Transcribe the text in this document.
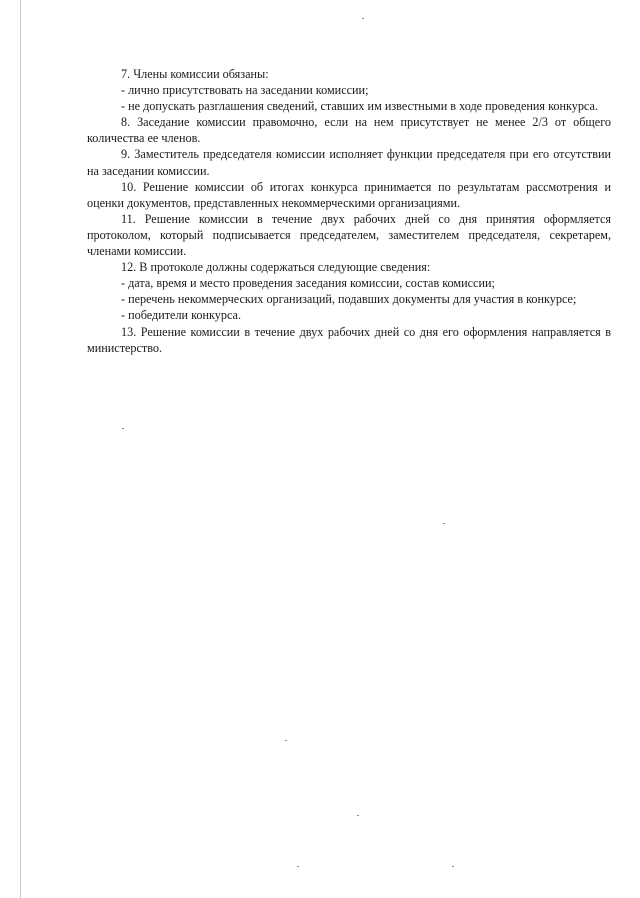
7. Члены комиссии обязаны:

- лично присутствовать на заседании комиссии;

- не допускать разглашения сведений, ставших им известными в ходе проведения конкурса.

8. Заседание комиссии правомочно, если на нем присутствует не менее 2/3 от общего количества ее членов.

9. Заместитель председателя комиссии исполняет функции председателя при его отсутствии на заседании комиссии.

10. Решение комиссии об итогах конкурса принимается по результатам рассмотрения и оценки документов, представленных некоммерческими организациями.

11. Решение комиссии в течение двух рабочих дней со дня принятия оформляется протоколом, который подписывается председателем, заместителем председателя, секретарем, членами комиссии.

12. В протоколе должны содержаться следующие сведения:

- дата, время и место проведения заседания комиссии, состав комиссии;

- перечень некоммерческих организаций, подавших документы для участия в конкурсе;

- победители конкурса.

13. Решение комиссии в течение двух рабочих дней со дня его оформления направляется в министерство.
